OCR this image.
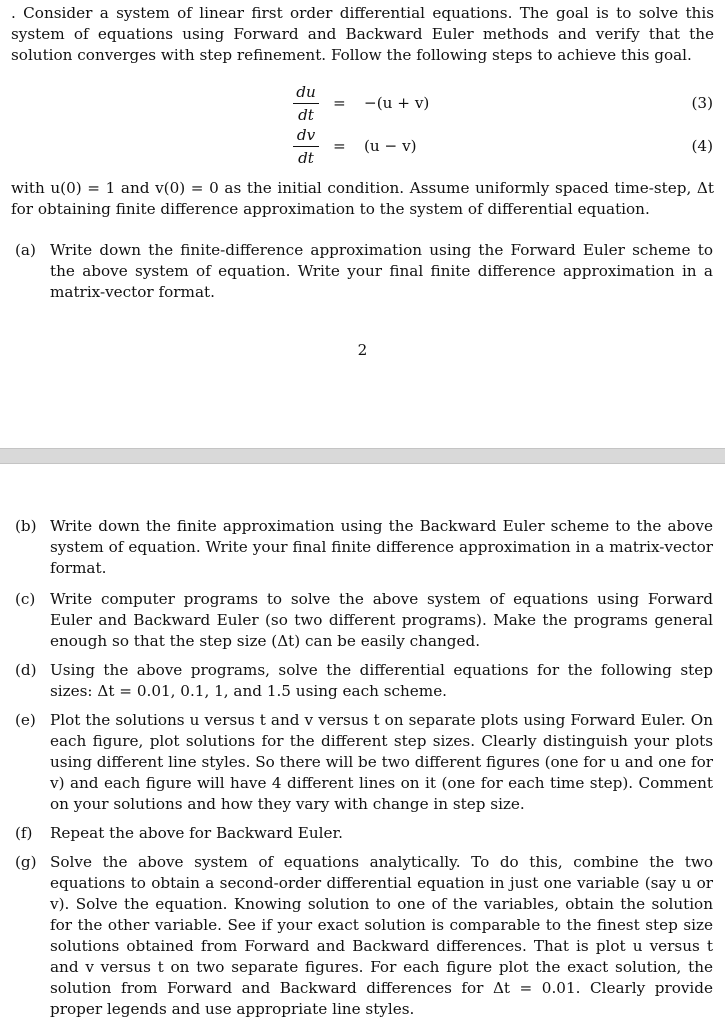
. Consider a system of linear first order differential equations. The goal is to solve this system of equations using Forward and Backward Euler methods and verify that the solution converges with step refinement. Follow the following steps to achieve this goal.

du
dt
= −(u + v)	(3)
dv
dt
= (u − v)	(4)

with u(0) = 1 and v(0) = 0 as the initial condition. Assume uniformly spaced time-step, Δt for obtaining finite difference approximation to the system of differential equation.

(a) Write down the finite-difference approximation using the Forward Euler scheme to the above system of equation. Write your final finite difference approximation in a matrix-vector format.

2
(b) Write down the finite approximation using the Backward Euler scheme to the above system of equation. Write your final finite difference approximation in a matrix-vector format.

(c) Write computer programs to solve the above system of equations using Forward Euler and Backward Euler (so two different programs). Make the programs general enough so that the step size (Δt) can be easily changed.

(d) Using the above programs, solve the differential equations for the following step sizes: Δt = 0.01, 0.1, 1, and 1.5 using each scheme.

(e) Plot the solutions u versus t and v versus t on separate plots using Forward Euler. On each figure, plot solutions for the different step sizes. Clearly distinguish your plots using different line styles. So there will be two different figures (one for u and one for v) and each figure will have 4 different lines on it (one for each time step). Comment on your solutions and how they vary with change in step size.

(f) Repeat the above for Backward Euler.

(g) Solve the above system of equations analytically. To do this, combine the two equations to obtain a second-order differential equation in just one variable (say u or v). Solve the equation. Knowing solution to one of the variables, obtain the solution for the other variable. See if your exact solution is comparable to the finest step size solutions obtained from Forward and Backward differences. That is plot u versus t and v versus t on two separate figures. For each figure plot the exact solution, the solution from Forward and Backward differences for Δt = 0.01. Clearly provide proper legends and use appropriate line styles.
